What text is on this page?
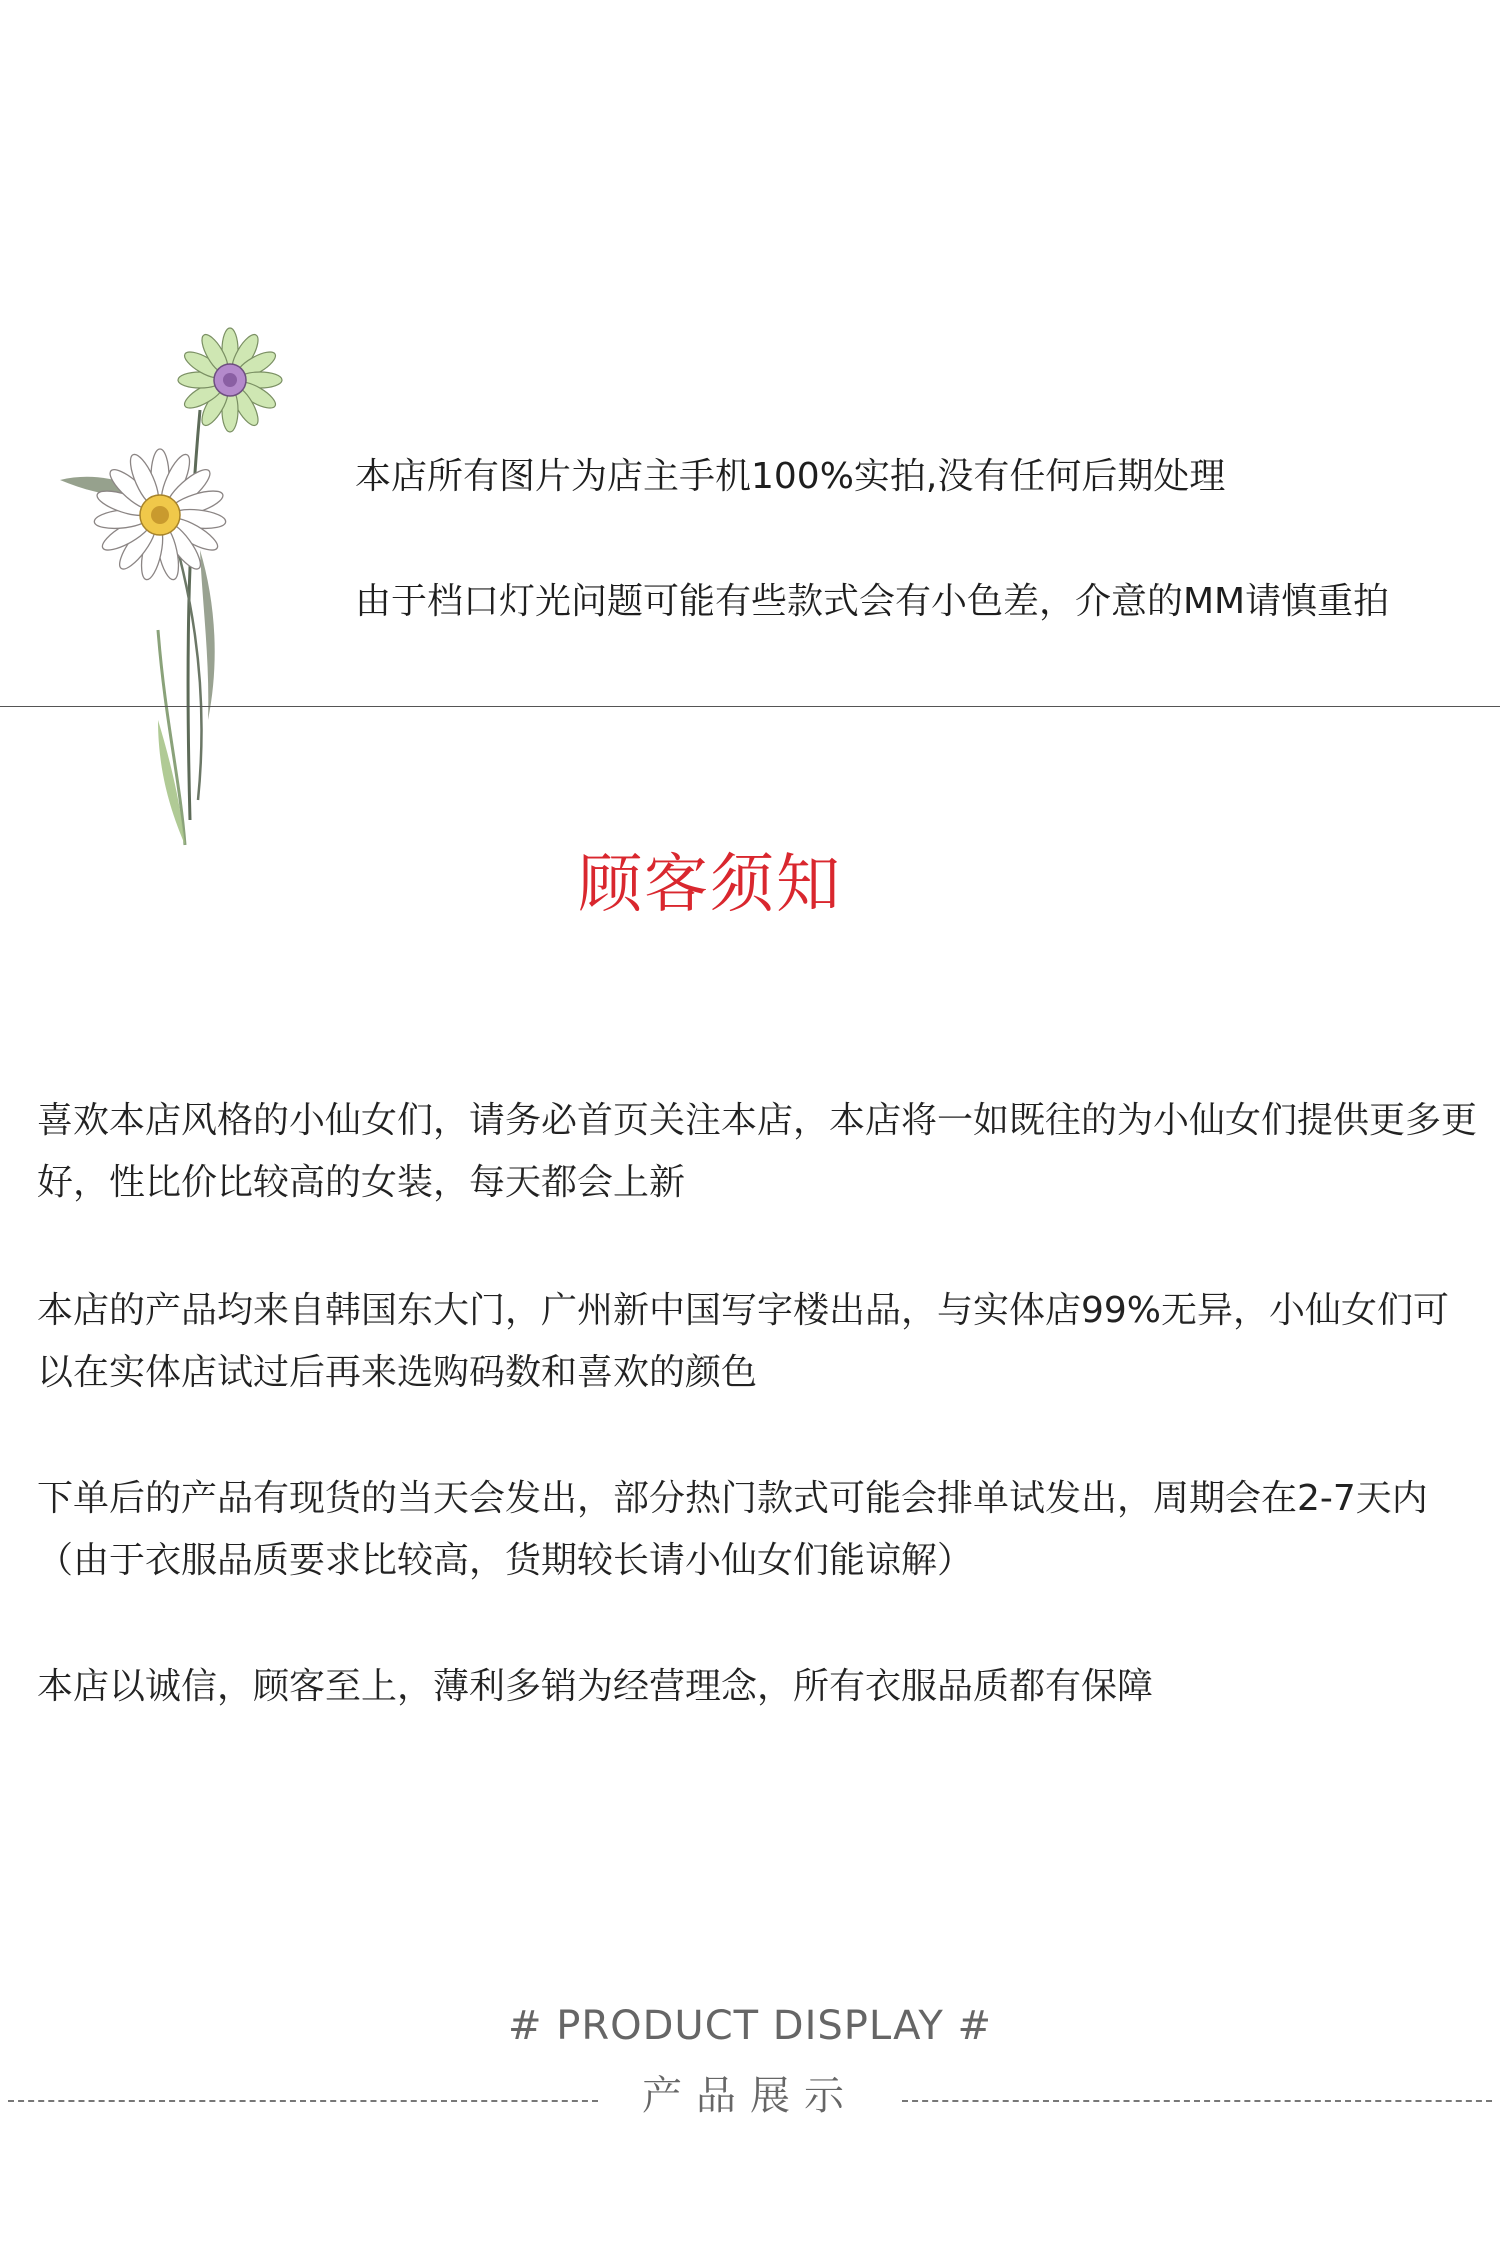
本店所有图片为店主手机100%实拍,没有任何后期处理
由于档口灯光问题可能有些款式会有小色差，介意的MM请慎重拍
顾客须知
喜欢本店风格的小仙女们，请务必首页关注本店，本店将一如既往的为小仙女们提供更多更好，性比价比较高的女装，每天都会上新
本店的产品均来自韩国东大门，广州新中国写字楼出品，与实体店99%无异，小仙女们可以在实体店试过后再来选购码数和喜欢的颜色
下单后的产品有现货的当天会发出，部分热门款式可能会排单试发出，周期会在2-7天内（由于衣服品质要求比较高，货期较长请小仙女们能谅解）
本店以诚信，顾客至上，薄利多销为经营理念，所有衣服品质都有保障
# PRODUCT DISPLAY #
产品展示
